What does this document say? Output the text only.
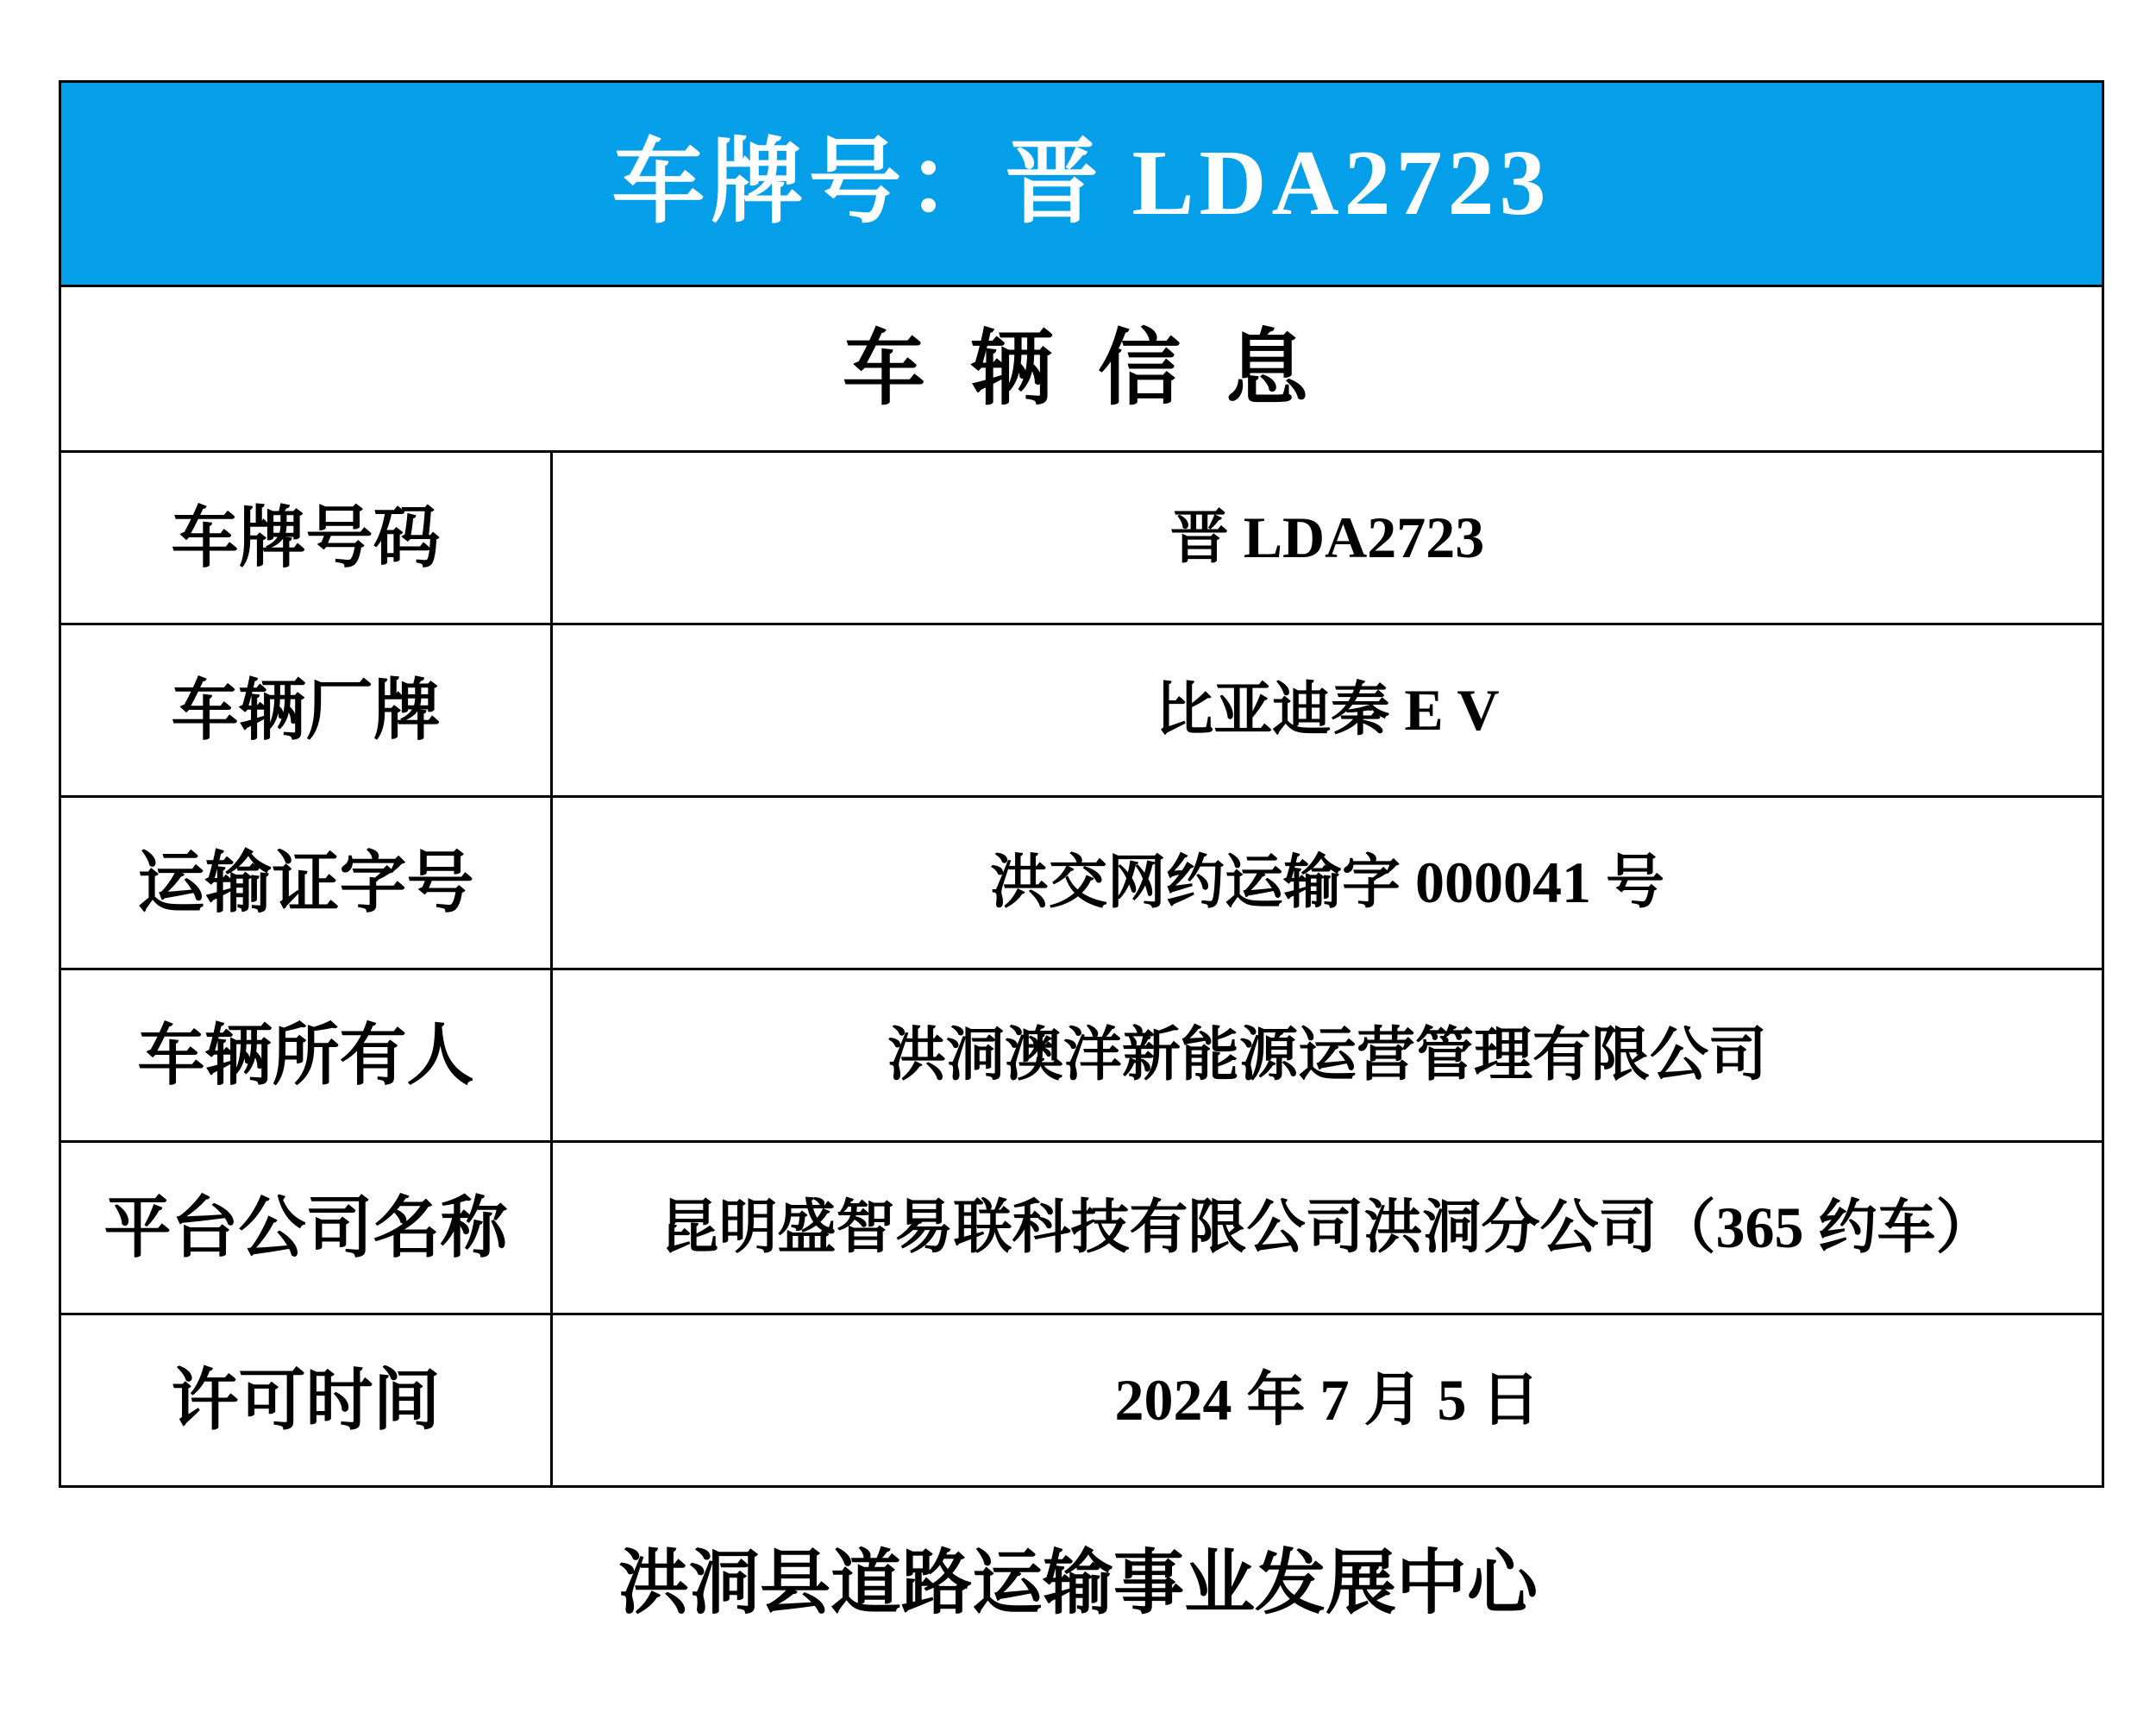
车牌号：晋 LDA2723
车 辆 信 息
车牌号码	晋 LDA2723
车辆厂牌	比亚迪秦 E V
运输证字号	洪交网约运输字 000041 号
车辆所有人	洪洞澳洋新能源运营管理有限公司
平台公司名称	昆明盛智易联科技有限公司洪洞分公司（365 约车）
许可时间	2024 年 7 月 5 日
洪洞县道路运输事业发展中心
